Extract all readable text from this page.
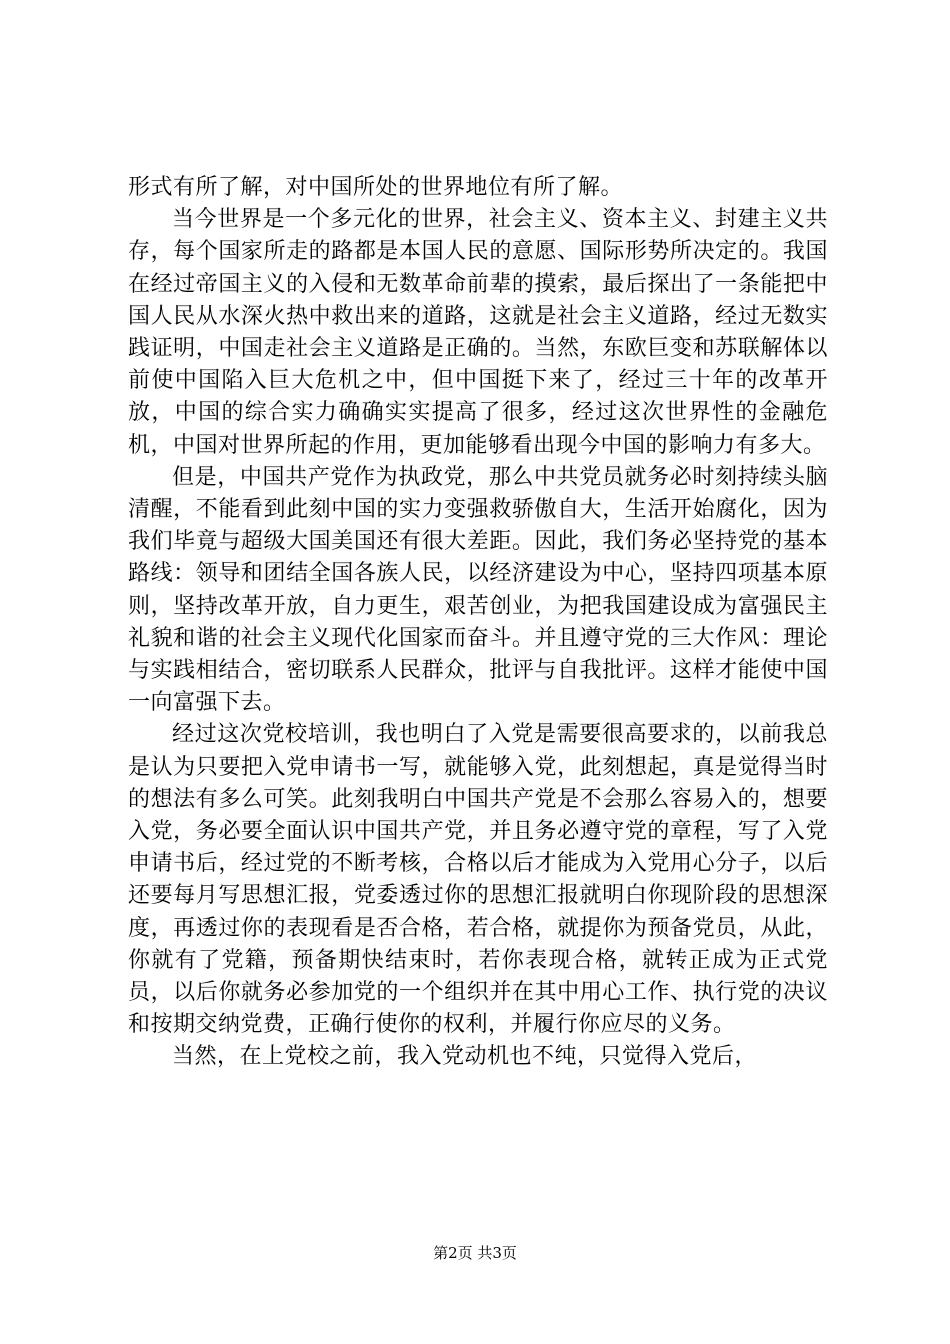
形式有所了解，对中国所处的世界地位有所了解。

当今世界是一个多元化的世界，社会主义、资本主义、封建主义共存，每个国家所走的路都是本国人民的意愿、国际形势所决定的。我国在经过帝国主义的入侵和无数革命前辈的摸索，最后探出了一条能把中国人民从水深火热中救出来的道路，这就是社会主义道路，经过无数实践证明，中国走社会主义道路是正确的。当然，东欧巨变和苏联解体以前使中国陷入巨大危机之中，但中国挺下来了，经过三十年的改革开放，中国的综合实力确确实实提高了很多，经过这次世界性的金融危机，中国对世界所起的作用，更加能够看出现今中国的影响力有多大。

但是，中国共产党作为执政党，那么中共党员就务必时刻持续头脑清醒，不能看到此刻中国的实力变强救骄傲自大，生活开始腐化，因为我们毕竟与超级大国美国还有很大差距。因此，我们务必坚持党的基本路线：领导和团结全国各族人民，以经济建设为中心，坚持四项基本原则，坚持改革开放，自力更生，艰苦创业，为把我国建设成为富强民主礼貌和谐的社会主义现代化国家而奋斗。并且遵守党的三大作风：理论与实践相结合，密切联系人民群众，批评与自我批评。这样才能使中国一向富强下去。

经过这次党校培训，我也明白了入党是需要很高要求的，以前我总是认为只要把入党申请书一写，就能够入党，此刻想起，真是觉得当时的想法有多么可笑。此刻我明白中国共产党是不会那么容易入的，想要入党，务必要全面认识中国共产党，并且务必遵守党的章程，写了入党申请书后，经过党的不断考核，合格以后才能成为入党用心分子，以后还要每月写思想汇报，党委透过你的思想汇报就明白你现阶段的思想深度，再透过你的表现看是否合格，若合格，就提你为预备党员，从此，你就有了党籍，预备期快结束时，若你表现合格，就转正成为正式党员，以后你就务必参加党的一个组织并在其中用心工作、执行党的决议和按期交纳党费，正确行使你的权利，并履行你应尽的义务。

当然，在上党校之前，我入党动机也不纯，只觉得入党后，

第2页 共3页
